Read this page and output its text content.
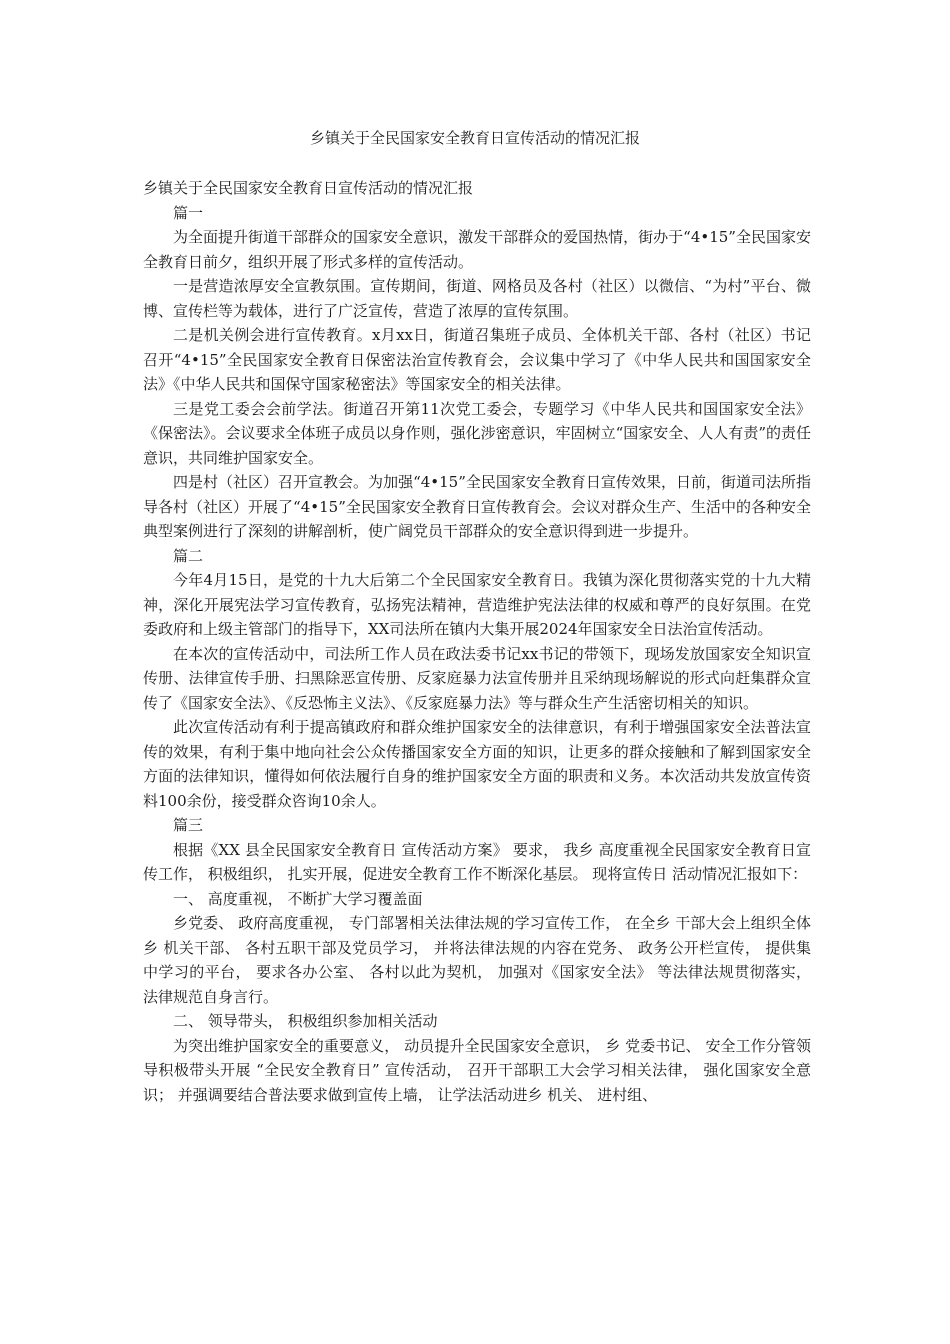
乡镇关于全民国家安全教育日宣传活动的情况汇报

乡镇关于全民国家安全教育日宣传活动的情况汇报

篇一

为全面提升街道干部群众的国家安全意识，激发干部群众的爱国热情，街办于“4•15”全民国家安全教育日前夕，组织开展了形式多样的宣传活动。

一是营造浓厚安全宣教氛围。宣传期间，街道、网格员及各村（社区）以微信、“为村”平台、微博、宣传栏等为载体，进行了广泛宣传，营造了浓厚的宣传氛围。

二是机关例会进行宣传教育。x月xx日，街道召集班子成员、全体机关干部、各村（社区）书记召开“4•15”全民国家安全教育日保密法治宣传教育会，会议集中学习了《中华人民共和国国家安全法》《中华人民共和国保守国家秘密法》等国家安全的相关法律。

三是党工委会会前学法。街道召开第11次党工委会，专题学习《中华人民共和国国家安全法》《保密法》。会议要求全体班子成员以身作则，强化涉密意识，牢固树立“国家安全、人人有责”的责任意识，共同维护国家安全。

四是村（社区）召开宣教会。为加强“4•15”全民国家安全教育日宣传效果，日前，街道司法所指导各村（社区）开展了“4•15”全民国家安全教育日宣传教育会。会议对群众生产、生活中的各种安全典型案例进行了深刻的讲解剖析，使广阔党员干部群众的安全意识得到进一步提升。

篇二

今年4月15日，是党的十九大后第二个全民国家安全教育日。我镇为深化贯彻落实党的十九大精神，深化开展宪法学习宣传教育，弘扬宪法精神，营造维护宪法法律的权威和尊严的良好氛围。在党委政府和上级主管部门的指导下，XX司法所在镇内大集开展2024年国家安全日法治宣传活动。

在本次的宣传活动中，司法所工作人员在政法委书记xx书记的带领下，现场发放国家安全知识宣传册、法律宣传手册、扫黑除恶宣传册、反家庭暴力法宣传册并且采纳现场解说的形式向赶集群众宣传了《国家安全法》、《反恐怖主义法》、《反家庭暴力法》等与群众生产生活密切相关的知识。

此次宣传活动有利于提高镇政府和群众维护国家安全的法律意识，有利于增强国家安全法普法宣传的效果，有利于集中地向社会公众传播国家安全方面的知识，让更多的群众接触和了解到国家安全方面的法律知识，懂得如何依法履行自身的维护国家安全方面的职责和义务。本次活动共发放宣传资料100余份，接受群众咨询10余人。

篇三

根据《XX 县全民国家安全教育日 宣传活动方案》 要求， 我乡 高度重视全民国家安全教育日宣传工作， 积极组织， 扎实开展，促进安全教育工作不断深化基层。 现将宣传日 活动情况汇报如下：

一、 高度重视， 不断扩大学习覆盖面

乡党委、 政府高度重视， 专门部署相关法律法规的学习宣传工作， 在全乡 干部大会上组织全体乡 机关干部、 各村五职干部及党员学习， 并将法律法规的内容在党务、 政务公开栏宣传， 提供集中学习的平台， 要求各办公室、 各村以此为契机， 加强对《国家安全法》 等法律法规贯彻落实， 法律规范自身言行。

二、 领导带头， 积极组织参加相关活动

为突出维护国家安全的重要意义， 动员提升全民国家安全意识， 乡 党委书记、 安全工作分管领导积极带头开展 “全民安全教育日” 宣传活动， 召开干部职工大会学习相关法律， 强化国家安全意识； 并强调要结合普法要求做到宣传上墙， 让学法活动进乡 机关、 进村组、
